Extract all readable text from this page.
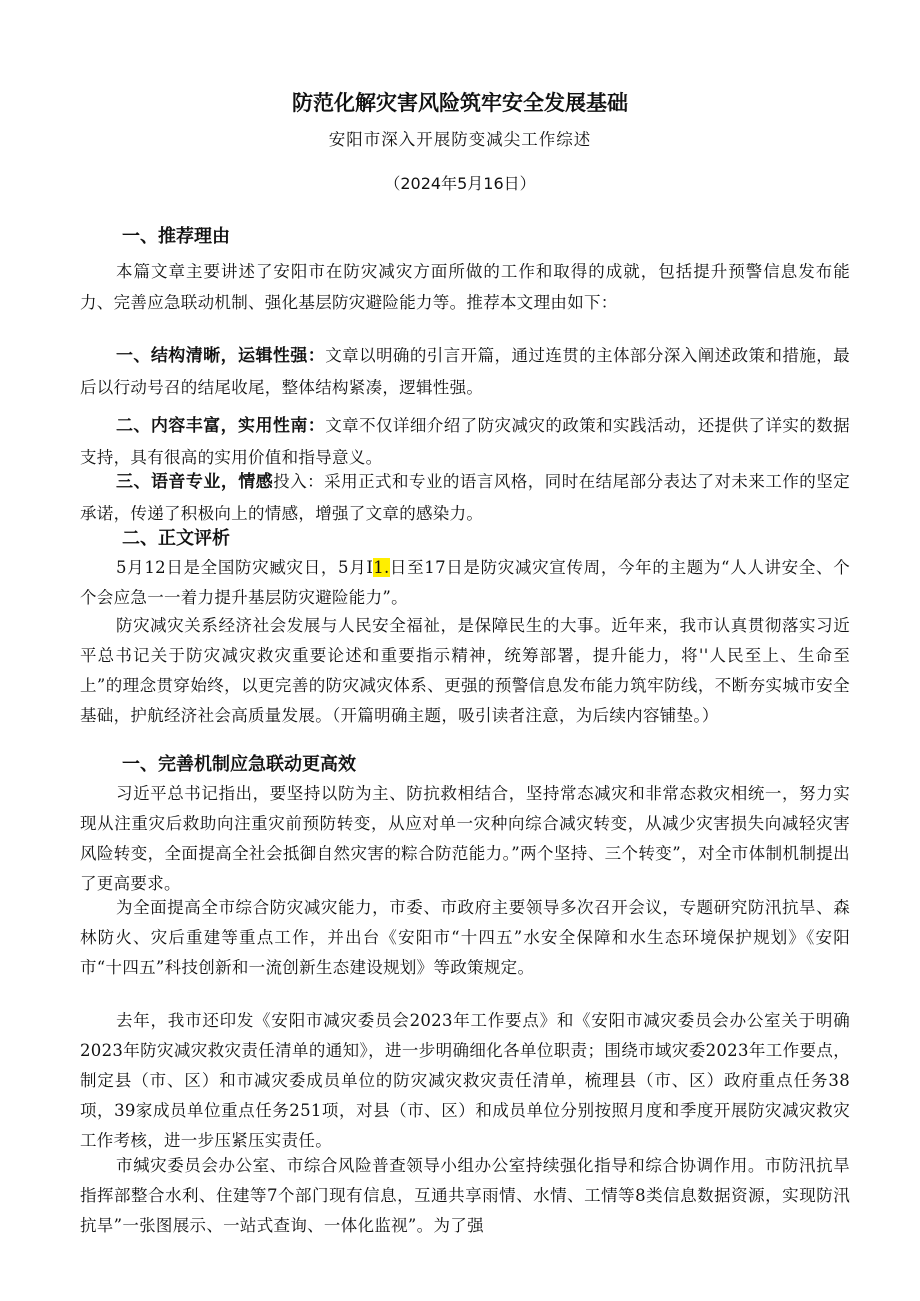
防范化解灾害风险筑牢安全发展基础
安阳市深入开展防变减尖工作综述
（2024年5月16日）
一、推荐理由
本篇文章主要讲述了安阳市在防灾减灾方面所做的工作和取得的成就，包括提升预警信息发布能力、完善应急联动机制、强化基层防灾避险能力等。推荐本文理由如下：
一、结构清晰，运辑性强：文章以明确的引言开篇，通过连贯的主体部分深入阐述政策和措施，最后以行动号召的结尾收尾，整体结构紧凑，逻辑性强。
二、内容丰富，实用性南：文章不仅详细介绍了防灾减灾的政策和实践活动，还提供了详实的数据支持，具有很高的实用价值和指导意义。
三、语音专业，情感投入：采用正式和专业的语言风格，同时在结尾部分表达了对未来工作的坚定承诺，传递了积极向上的情感，增强了文章的感染力。
二、正文评析
5月12日是全国防灾臧灾日，5月I1.日至17日是防灾减灾宣传周，今年的主题为“人人讲安全、个个会应急一一着力提升基层防灾避险能力”。
防灾减灾关系经济社会发展与人民安全福祉，是保障民生的大事。近年来，我市认真贯彻落实习近平总书记关于防灾减灾救灾重要论述和重要指示精神，统筹部署，提升能力，将''人民至上、生命至上”的理念贯穿始终，以更完善的防灾减灾体系、更强的预警信息发布能力筑牢防线，不断夯实城市安全基础，护航经济社会高质量发展。（开篇明确主题，吸引读者注意，为后续内容铺垫。）
一、完善机制应急联动更高效
习近平总书记指出，要坚持以防为主、防抗救相结合，坚持常态减灾和非常态救灾相统一，努力实现从注重灾后救助向注重灾前预防转变，从应对单一灾种向综合减灾转变，从减少灾害损失向减轻灾害风险转变，全面提高全社会抵御自然灾害的粽合防范能力。”两个坚持、三个转变”，对全市体制机制提出了更高要求。
为全面提高全市综合防灾减灾能力，市委、市政府主要领导多次召开会议，专题研究防汛抗旱、森林防火、灾后重建等重点工作，并出台《安阳市“十四五”水安全保障和水生态环境保护规划》《安阳市“十四五”科技创新和一流创新生态建设规划》等政策规定。
去年，我市还印发《安阳市减灾委员会2023年工作要点》和《安阳市减灾委员会办公室关于明确2023年防灾减灾救灾责任清单的通知》，进一步明确细化各单位职责；围绕市域灾委2023年工作要点，制定县（市、区）和市减灾委成员单位的防灾减灾救灾责任清单，梳理县（市、区）政府重点任务38项，39家成员单位重点任务251项，对县（市、区）和成员单位分别按照月度和季度开展防灾减灾救灾工作考核，进一步压紧压实责任。
市缄灾委员会办公室、市综合风险普查领导小组办公室持续强化指导和综合协调作用。市防汛抗旱指挥部整合水利、住建等7个部门现有信息，互通共享雨情、水情、工情等8类信息数据资源，实现防汛抗旱”一张图展示、一站式查询、一体化监视”。为了强
